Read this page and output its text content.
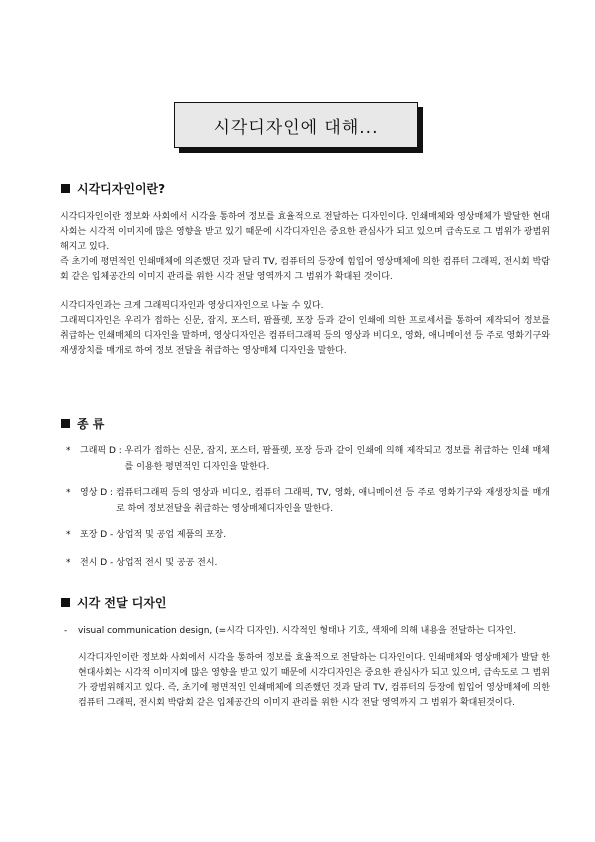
시각디자인에 대해...
시각디자인이란?

시각디자인이란 정보화 사회에서 시각을 통하여 정보를 효율적으로 전달하는 디자인이다. 인쇄매체와 영상매체가 발달한 현대사회는 시각적 이미지에 많은 영향을 받고 있기 때문에 시각디자인은 중요한 관심사가 되고 있으며 급속도로 그 범위가 광범위해지고 있다.

즉 초기에 평면적인 인쇄매체에 의존했던 것과 달리 TV, 컴퓨터의 등장에 힘입어 영상매체에 의한 컴퓨터 그래픽, 전시회 박람회 같은 입체공간의 이미지 관리를 위한 시각 전달 영역까지 그 범위가 확대된 것이다.

시각디자인과는 크게 그래픽디자인과 영상디자인으로 나눌 수 있다.

그래픽디자인은 우리가 접하는 신문, 잡지, 포스터, 팜플렛, 포장 등과 같이 인쇄에 의한 프로세서를 통하여 제작되어 정보를 취급하는 인쇄매체의 디자인을 말하며, 영상디자인은 컴퓨터그래픽 등의 영상과 비디오, 영화, 애니메이션 등 주로 영화기구와 재생장치를 매개로 하여 정보 전달을 취급하는 영상매체 디자인을 말한다.

종 류
*	그래픽 D : 우리가 접하는 신문, 잡지, 포스터, 팜플렛, 포장 등과 같이 인쇄에 의해 제작되고 정보를 취급하는 인쇄 매체를 이용한 평면적인 디자인을 말한다.
*	영상 D : 컴퓨터그래픽 등의 영상과 비디오, 컴퓨터 그래픽, TV, 영화, 애니메이션 등 주로 영화기구와 재생장치를 매개로 하여 정보전달을 취급하는 영상매체디자인을 말한다.
*	포장 D - 상업적 및 공업 제품의 포장.
*	전시 D - 상업적 전시 및 공공 전시.
시각 전달 디자인
-	visual communication design, (=시각 디자인). 시각적인 형태나 기호, 색채에 의해 내용을 전달하는 디자인.

시각디자인이란 정보화 사회에서 시각을 통하여 정보를 효율적으로 전달하는 디자인이다. 인쇄매체와 영상매체가 발달 한 현대사회는 시각적 이미지에 많은 영향을 받고 있기 때문에 시각디자인은 중요한 관심사가 되고 있으며, 급속도로 그 범위가 광범위해지고 있다. 즉, 초기에 평면적인 인쇄매체에 의존했던 것과 달리 TV, 컴퓨터의 등장에 힘입어 영상매체에 의한 컴퓨터 그래픽, 전시회 박람회 같은 입체공간의 이미지 관리를 위한 시각 전달 영역까지 그 범위가 확대된것이다.
